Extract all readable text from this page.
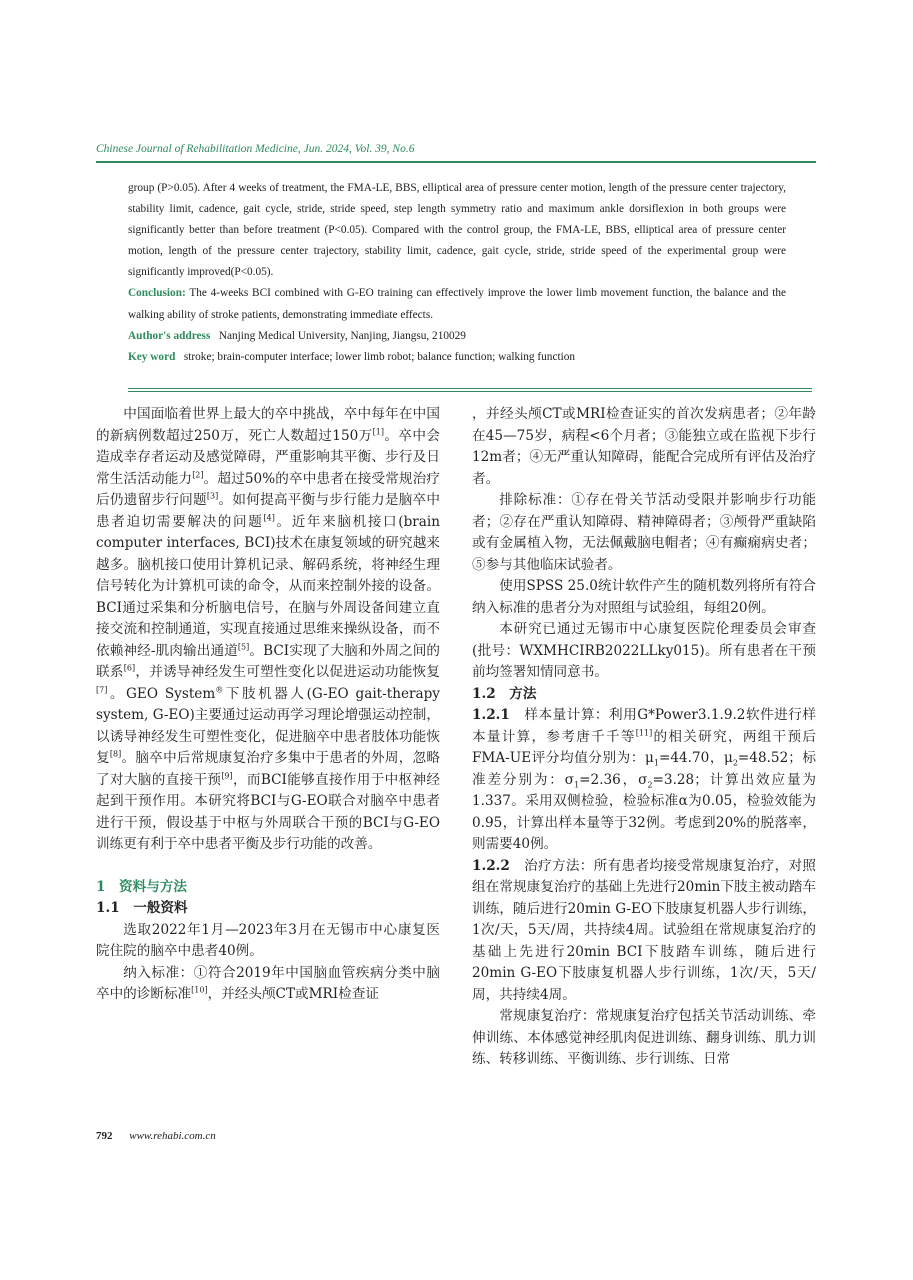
Chinese Journal of Rehabilitation Medicine, Jun. 2024, Vol. 39, No.6

group (P>0.05). After 4 weeks of treatment, the FMA-LE, BBS, elliptical area of pressure center motion, length of the pressure center trajectory, stability limit, cadence, gait cycle, stride, stride speed, step length symmetry ratio and maximum ankle dorsiflexion in both groups were significantly better than before treatment (P<0.05). Compared with the control group, the FMA-LE, BBS, elliptical area of pressure center motion, length of the pressure center trajectory, stability limit, cadence, gait cycle, stride, stride speed of the experimental group were significantly improved(P<0.05).

Conclusion: The 4-weeks BCI combined with G-EO training can effectively improve the lower limb movement function, the balance and the walking ability of stroke patients, demonstrating immediate effects.

Author's address   Nanjing Medical University, Nanjing, Jiangsu, 210029

Key word   stroke; brain-computer interface; lower limb robot; balance function; walking function

中国面临着世界上最大的卒中挑战，卒中每年在中国的新病例数超过250万，死亡人数超过150万[1]。卒中会造成幸存者运动及感觉障碍，严重影响其平衡、步行及日常生活活动能力[2]。超过50%的卒中患者在接受常规治疗后仍遗留步行问题[3]。如何提高平衡与步行能力是脑卒中患者迫切需要解决的问题[4]。近年来脑机接口(brain computer interfaces, BCI)技术在康复领域的研究越来越多。脑机接口使用计算机记录、解码系统，将神经生理信号转化为计算机可读的命令，从而来控制外接的设备。BCI通过采集和分析脑电信号，在脑与外周设备间建立直接交流和控制通道，实现直接通过思维来操纵设备，而不依赖神经-肌肉输出通道[5]。BCI实现了大脑和外周之间的联系[6]，并诱导神经发生可塑性变化以促进运动功能恢复[7]。GEO System®下肢机器人(G-EO gait-therapy system, G-EO)主要通过运动再学习理论增强运动控制，以诱导神经发生可塑性变化，促进脑卒中患者肢体功能恢复[8]。脑卒中后常规康复治疗多集中于患者的外周，忽略了对大脑的直接干预[9]，而BCI能够直接作用于中枢神经起到干预作用。本研究将BCI与G-EO联合对脑卒中患者进行干预，假设基于中枢与外周联合干预的BCI与G-EO训练更有利于卒中患者平衡及步行功能的改善。

1　资料与方法

1.1　一般资料

选取2022年1月—2023年3月在无锡市中心康复医院住院的脑卒中患者40例。

纳入标准：①符合2019年中国脑血管疾病分类中脑卒中的诊断标准[10]，并经头颅CT或MRI检查证

，并经头颅CT或MRI检查证实的首次发病患者；②年龄在45—75岁，病程<6个月者；③能独立或在监视下步行12m者；④无严重认知障碍，能配合完成所有评估及治疗者。

排除标准：①存在骨关节活动受限并影响步行功能者；②存在严重认知障碍、精神障碍者；③颅骨严重缺陷或有金属植入物，无法佩戴脑电帽者；④有癫痫病史者；⑤参与其他临床试验者。

使用SPSS 25.0统计软件产生的随机数列将所有符合纳入标准的患者分为对照组与试验组，每组20例。

本研究已通过无锡市中心康复医院伦理委员会审查(批号：WXMHCIRB2022LLky015)。所有患者在干预前均签署知情同意书。

1.2　方法

1.2.1 样本量计算：利用G*Power3.1.9.2软件进行样本量计算，参考唐千千等[11]的相关研究，两组干预后FMA-UE评分均值分别为：$\mu_1=44.70$，$\mu_2=48.52$；标准差分别为：$\sigma_1=2.36$，$\sigma_2=3.28$；计算出效应量为1.337。采用双侧检验，检验标准α为0.05，检验效能为0.95，计算出样本量等于32例。考虑到20%的脱落率，则需要40例。

1.2.2 治疗方法：所有患者均接受常规康复治疗，对照组在常规康复治疗的基础上先进行20min下肢主被动踏车训练，随后进行20min G-EO下肢康复机器人步行训练，1次/天，5天/周，共持续4周。试验组在常规康复治疗的基础上先进行20min BCI下肢踏车训练，随后进行20min G-EO下肢康复机器人步行训练，1次/天，5天/周，共持续4周。

常规康复治疗：常规康复治疗包括关节活动训练、牵伸训练、本体感觉神经肌肉促进训练、翻身训练、肌力训练、转移训练、平衡训练、步行训练、日常

792 www.rehabi.com.cn
